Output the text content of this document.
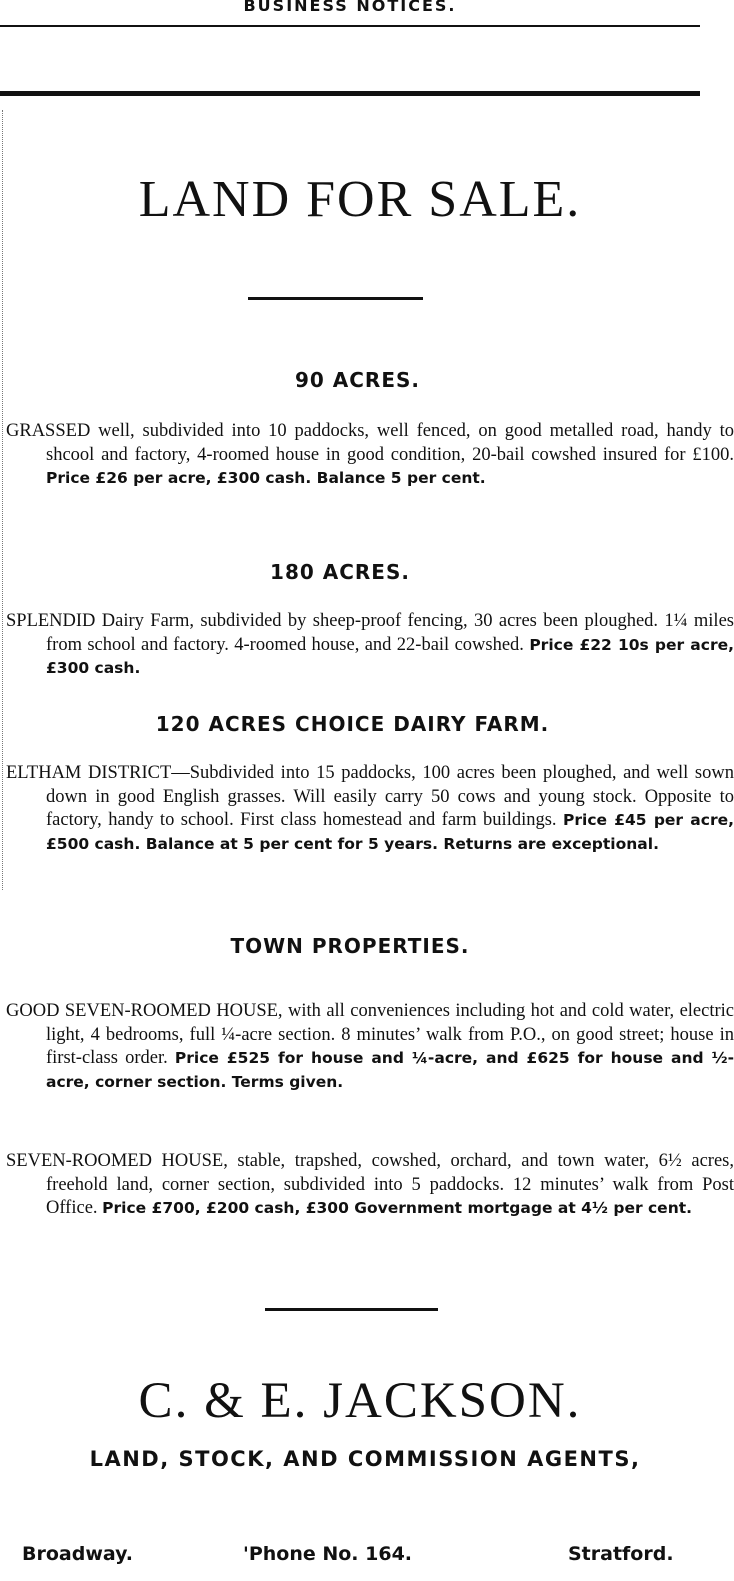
BUSINESS NOTICES.
LAND FOR SALE.
90 ACRES.
GRASSED well, subdivided into 10 paddocks, well fenced, on good metalled road, handy to shcool and factory, 4-roomed house in good condition, 20-bail cowshed insured for £100. Price £26 per acre, £300 cash. Balance 5 per cent.
180 ACRES.
SPLENDID Dairy Farm, subdivided by sheep-proof fencing, 30 acres been ploughed. 1¼ miles from school and factory. 4-roomed house, and 22-bail cowshed. Price £22 10s per acre, £300 cash.
120 ACRES CHOICE DAIRY FARM.
ELTHAM DISTRICT—Subdivided into 15 paddocks, 100 acres been ploughed, and well sown down in good English grasses. Will easily carry 50 cows and young stock. Opposite to factory, handy to school. First class homestead and farm buildings. Price £45 per acre, £500 cash. Balance at 5 per cent for 5 years. Returns are exceptional.
TOWN PROPERTIES.
GOOD SEVEN-ROOMED HOUSE, with all conveniences including hot and cold water, electric light, 4 bedrooms, full ¼-acre section. 8 minutes’ walk from P.O., on good street; house in first-class order. Price £525 for house and ¼-acre, and £625 for house and ½-acre, corner section. Terms given.
SEVEN-ROOMED HOUSE, stable, trapshed, cowshed, orchard, and town water, 6½ acres, freehold land, corner section, subdivided into 5 paddocks. 12 minutes’ walk from Post Office. Price £700, £200 cash, £300 Government mortgage at 4½ per cent.
C. & E. JACKSON.
LAND, STOCK, AND COMMISSION AGENTS,
Broadway.	'Phone No. 164.	Stratford.
